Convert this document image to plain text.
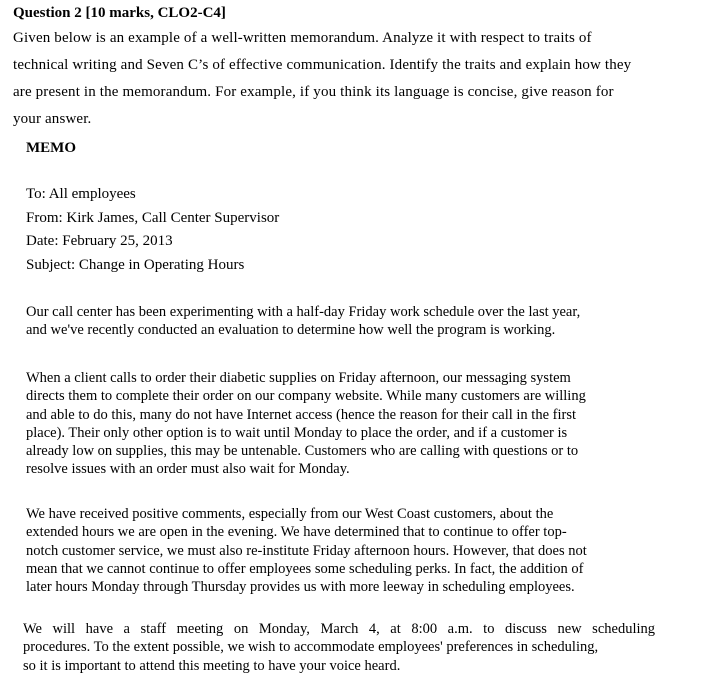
Question 2 [10 marks, CLO2-C4]
Given below is an example of a well-written memorandum. Analyze it with respect to traits of
technical writing and Seven C’s of effective communication. Identify the traits and explain how they
are present in the memorandum. For example, if you think its language is concise, give reason for
your answer.
MEMO
To: All employees
From: Kirk James, Call Center Supervisor
Date: February 25, 2013
Subject: Change in Operating Hours
Our call center has been experimenting with a half-day Friday work schedule over the last year,
and we've recently conducted an evaluation to determine how well the program is working.
When a client calls to order their diabetic supplies on Friday afternoon, our messaging system
directs them to complete their order on our company website. While many customers are willing
and able to do this, many do not have Internet access (hence the reason for their call in the first
place). Their only other option is to wait until Monday to place the order, and if a customer is
already low on supplies, this may be untenable. Customers who are calling with questions or to
resolve issues with an order must also wait for Monday.
We have received positive comments, especially from our West Coast customers, about the
extended hours we are open in the evening. We have determined that to continue to offer top-
notch customer service, we must also re-institute Friday afternoon hours. However, that does not
mean that we cannot continue to offer employees some scheduling perks. In fact, the addition of
later hours Monday through Thursday provides us with more leeway in scheduling employees.
We will have a staff meeting on Monday, March 4, at 8:00 a.m. to discuss new scheduling
procedures. To the extent possible, we wish to accommodate employees' preferences in scheduling,
so it is important to attend this meeting to have your voice heard.
